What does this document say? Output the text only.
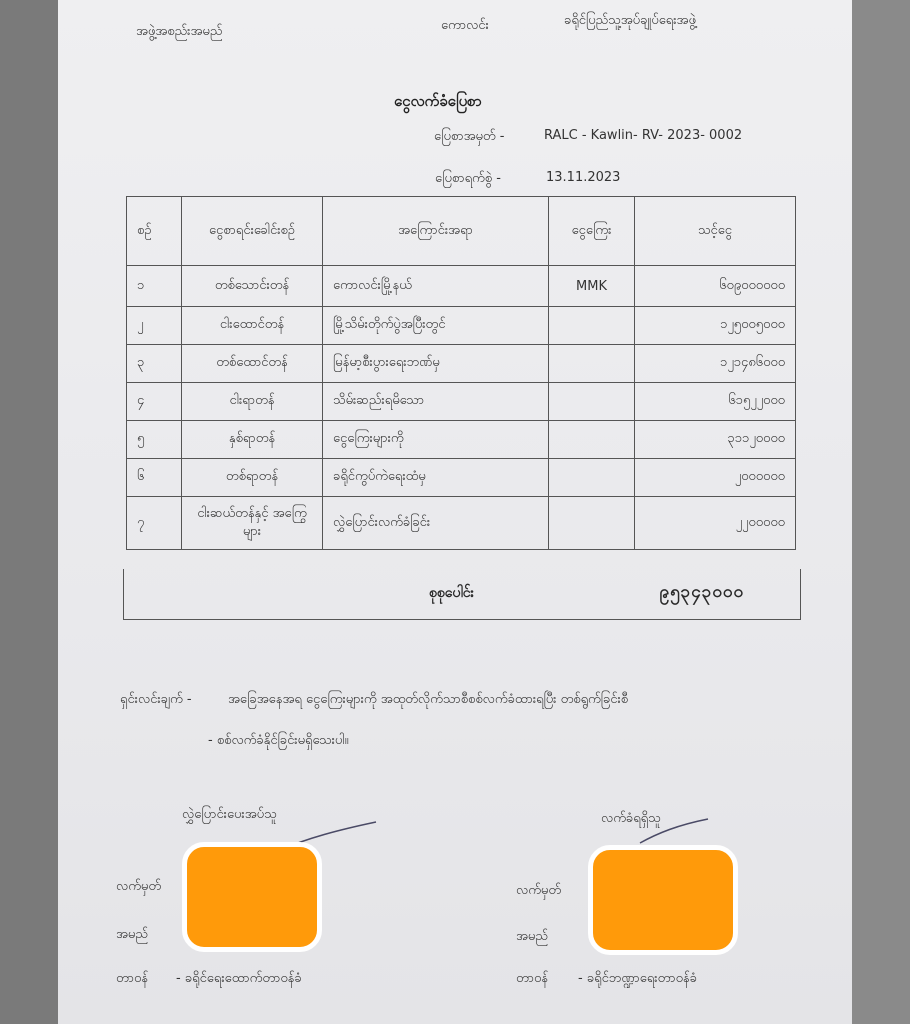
အဖွဲ့အစည်းအမည်	ကောလင်း	ခရိုင်ပြည်သူ့အုပ်ချုပ်ရေးအဖွဲ့
ငွေလက်ခံပြေစာ
ပြေစာအမှတ် -	RALC - Kawlin- RV- 2023- 0002
ပြေစာရက်စွဲ -	13.11.2023
စဥ်	ငွေစာရင်းခေါင်းစဉ်	အကြောင်းအရာ	ငွေကြေး	သင့်ငွေ
၁	တစ်သောင်းတန်	ကောလင်းမြို့နယ်	MMK	၆၀၉၀၀၀၀၀၀
၂	ငါးထောင်တန်	မြို့သိမ်းတိုက်ပွဲအပြီးတွင်		၁၂၅၀၀၅၀၀၀
၃	တစ်ထောင်တန်	မြန်မာ့စီးပွားရေးဘဏ်မှ		၁၂၁၄၈၆၀၀၀
၄	ငါးရာတန်	သိမ်းဆည်းရမိသော		၆၁၅၂၂၀၀၀
၅	နှစ်ရာတန်	ငွေကြေးများကို		၃၁၁၂၀၀၀၀
၆	တစ်ရာတန်	ခရိုင်ကွပ်ကဲရေးထံမှ		၂၀၀၀၀၀၀
၇	ငါးဆယ်တန်နှင့် အကြွေများ	လွှဲပြောင်းလက်ခံခြင်း		၂၂၀၀၀၀၀
စုစုပေါင်း	၉၅၃၄၃၀၀၀
ရှင်းလင်းချက် -	အခြေအနေအရ ငွေကြေးများကို အထုတ်လိုက်သာစီစစ်လက်ခံထားရပြီး တစ်ရွက်ခြင်းစီ
- စစ်လက်ခံနိုင်ခြင်းမရှိသေးပါ။
လွှဲပြောင်းပေးအပ်သူ
လက်မှတ်
အမည်
တာဝန် - ခရိုင်ရေးထောက်တာဝန်ခံ
လက်ခံရရှိသူ
လက်မှတ်
အမည်
တာဝန် - ခရိုင်ဘဏ္ဍာရေးတာဝန်ခံ
